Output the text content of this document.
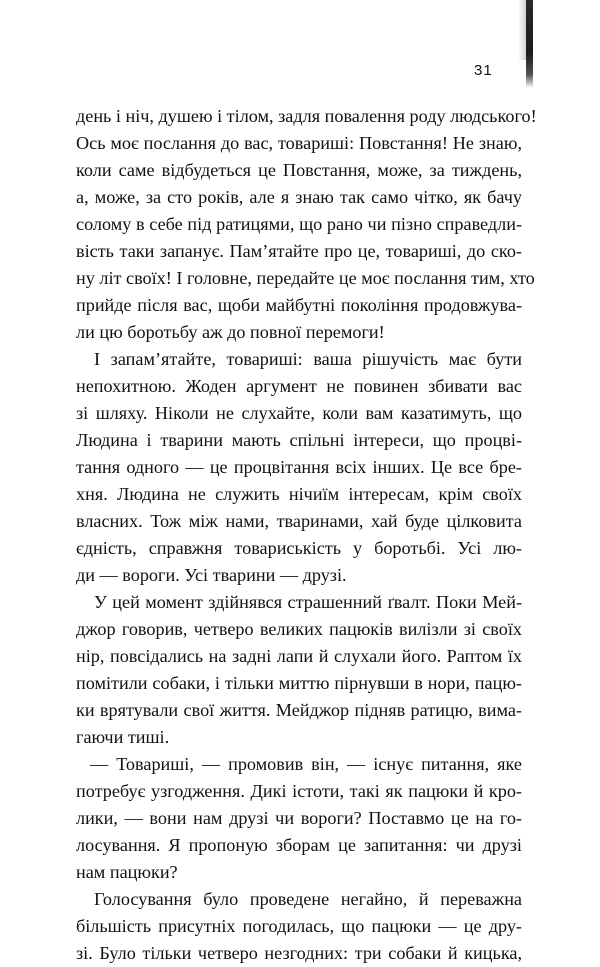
31
день і ніч, душею і тілом, задля повалення роду людського!
Ось моє послання до вас, товариші: Повстання! Не знаю,
коли саме відбудеться це Повстання, може, за тиждень,
а, може, за сто років, але я знаю так само чітко, як бачу
солому в себе під ратицями, що рано чи пізно справедли-
вість таки запанує. Пам’ятайте про це, товариші, до ско-
ну літ своїх! І головне, передайте це моє послання тим, хто
прийде після вас, щоби майбутні покоління продовжува-
ли цю боротьбу аж до повної перемоги!
І запам’ятайте, товариші: ваша рішучість має бути
непохитною. Жоден аргумент не повинен збивати вас
зі шляху. Ніколи не слухайте, коли вам казатимуть, що
Людина і тварини мають спільні інтереси, що процві-
тання одного — це процвітання всіх інших. Це все бре-
хня. Людина не служить нічиїм інтересам, крім своїх
власних. Тож між нами, тваринами, хай буде цілковита
єдність, справжня товариськість у боротьбі. Усі лю-
ди — вороги. Усі тварини — друзі.
У цей момент здійнявся страшенний ґвалт. Поки Мей-
джор говорив, четверо великих пацюків вилізли зі своїх
нір, повсідались на задні лапи й слухали його. Раптом їх
помітили собаки, і тільки миттю пірнувши в нори, пацю-
ки врятували свої життя. Мейджор підняв ратицю, вима-
гаючи тиші.
— Товариші, — промовив він, — існує питання, яке
потребує узгодження. Дикі істоти, такі як пацюки й кро-
лики, — вони нам друзі чи вороги? Поставмо це на го-
лосування. Я пропоную зборам це запитання: чи друзі
нам пацюки?
Голосування було проведене негайно, й переважна
більшість присутніх погодилась, що пацюки — це дру-
зі. Було тільки четверо незгодних: три собаки й кицька,
